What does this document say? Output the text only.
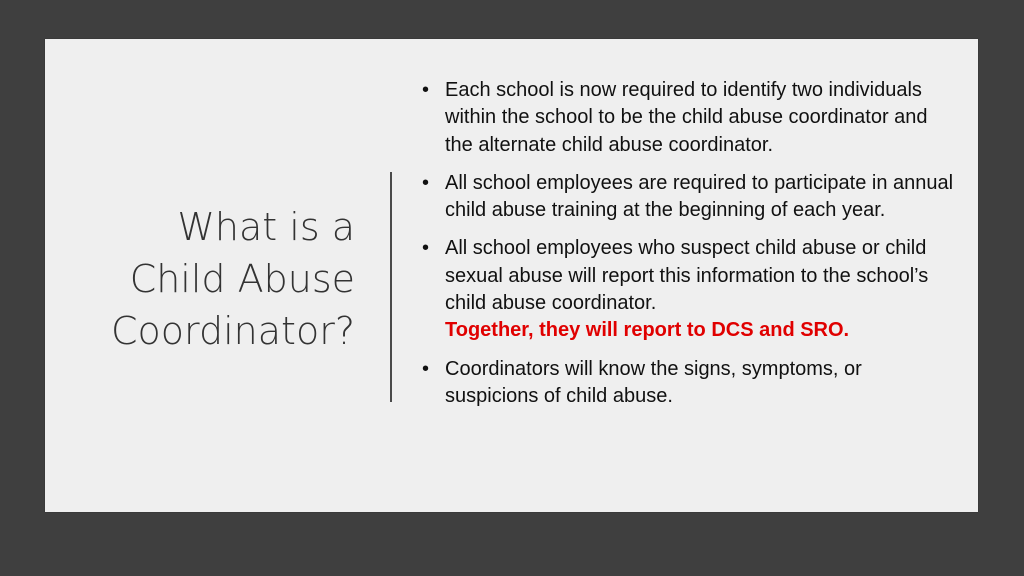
What is a
Child Abuse
Coordinator?
• Each school is now required to identify two individuals within the school to be the child abuse coordinator and the alternate child abuse coordinator.
• All school employees are required to participate in annual child abuse training at the beginning of each year.
• All school employees who suspect child abuse or child sexual abuse will report this information to the school’s child abuse coordinator.
Together, they will report to DCS and SRO.
• Coordinators will know the signs, symptoms, or suspicions of child abuse.
